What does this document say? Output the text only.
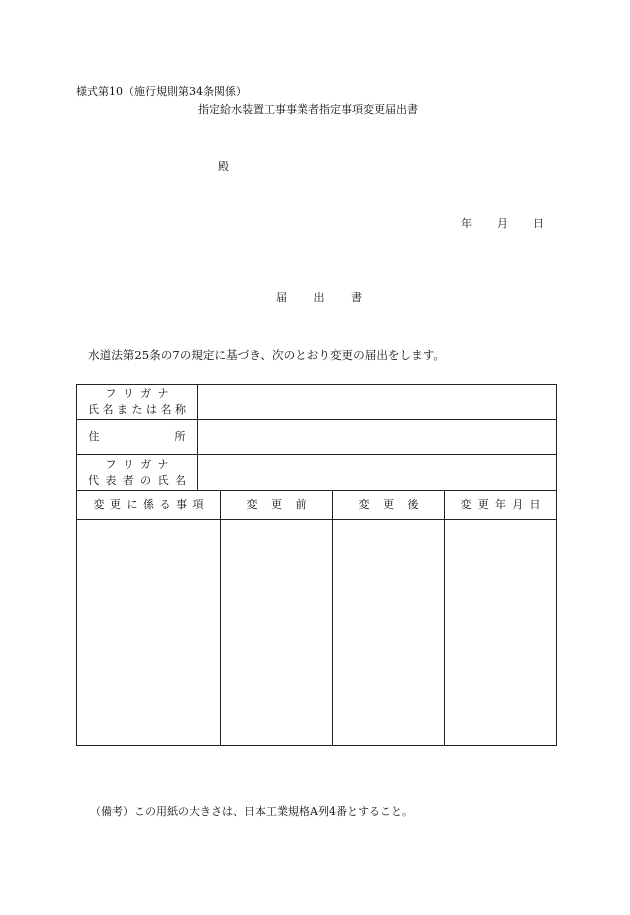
様式第10（施行規則第34条関係）
指定給水装置工事事業者指定事項変更届出書
殿
年 月 日
届 出 書
水道法第25条の7の規定に基づき、次のとおり変更の届出をします。
フ リ ガ ナ
氏 名 ま た は 名 称
住	所
フ リ ガ ナ
代 表 者 の 氏 名
変 更 に 係 る 事 項	変 更 前	変 更 後	変 更 年 月 日
（備考）この用紙の大きさは、日本工業規格A列4番とすること。
